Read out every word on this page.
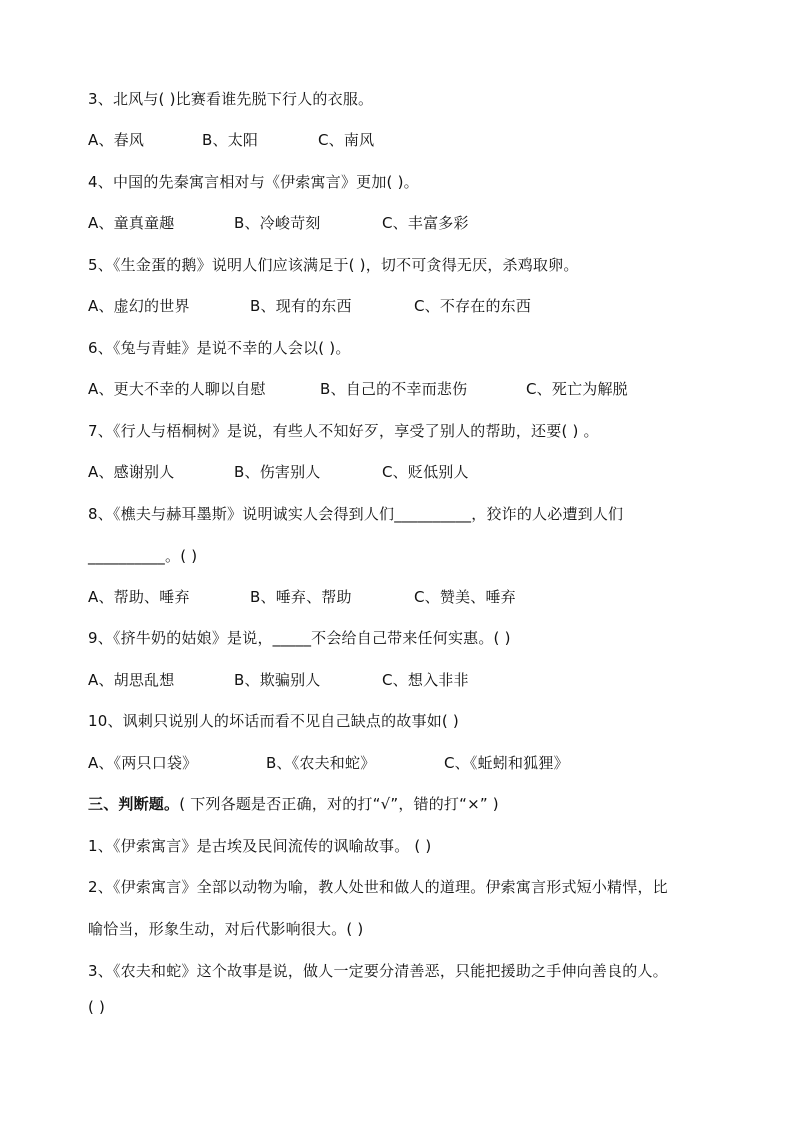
3、北风与( )比赛看谁先脱下行人的衣服。
A、春风	B、太阳	C、南风
4、中国的先秦寓言相对与《伊索寓言》更加( )。
A、童真童趣	B、冷峻苛刻	C、丰富多彩
5、《生金蛋的鹅》说明人们应该满足于( )，切不可贪得无厌，杀鸡取卵。
A、虚幻的世界	B、现有的东西	C、不存在的东西
6、《兔与青蛙》是说不幸的人会以( )。
A、更大不幸的人聊以自慰	B、自己的不幸而悲伤	C、死亡为解脱
7、《行人与梧桐树》是说，有些人不知好歹，享受了别人的帮助，还要( ) 。
A、感谢别人	B、伤害别人	C、贬低别人
8、《樵夫与赫耳墨斯》说明诚实人会得到人们__________，狡诈的人必遭到人们
__________。( )
A、帮助、唾弃	B、唾弃、帮助	C、赞美、唾弃
9、《挤牛奶的姑娘》是说，_____不会给自己带来任何实惠。( )
A、胡思乱想	B、欺骗别人	C、想入非非
10、讽刺只说别人的坏话而看不见自己缺点的故事如( )
A、《两只口袋》	B、《农夫和蛇》	C、《蚯蚓和狐狸》
三、判断题。( 下列各题是否正确，对的打“√”，错的打“×” )
1、《伊索寓言》是古埃及民间流传的讽喻故事。 ( )
2、《伊索寓言》全部以动物为喻，教人处世和做人的道理。伊索寓言形式短小精悍，比
喻恰当，形象生动，对后代影响很大。( )
3、《农夫和蛇》这个故事是说，做人一定要分清善恶，只能把援助之手伸向善良的人。
( )
